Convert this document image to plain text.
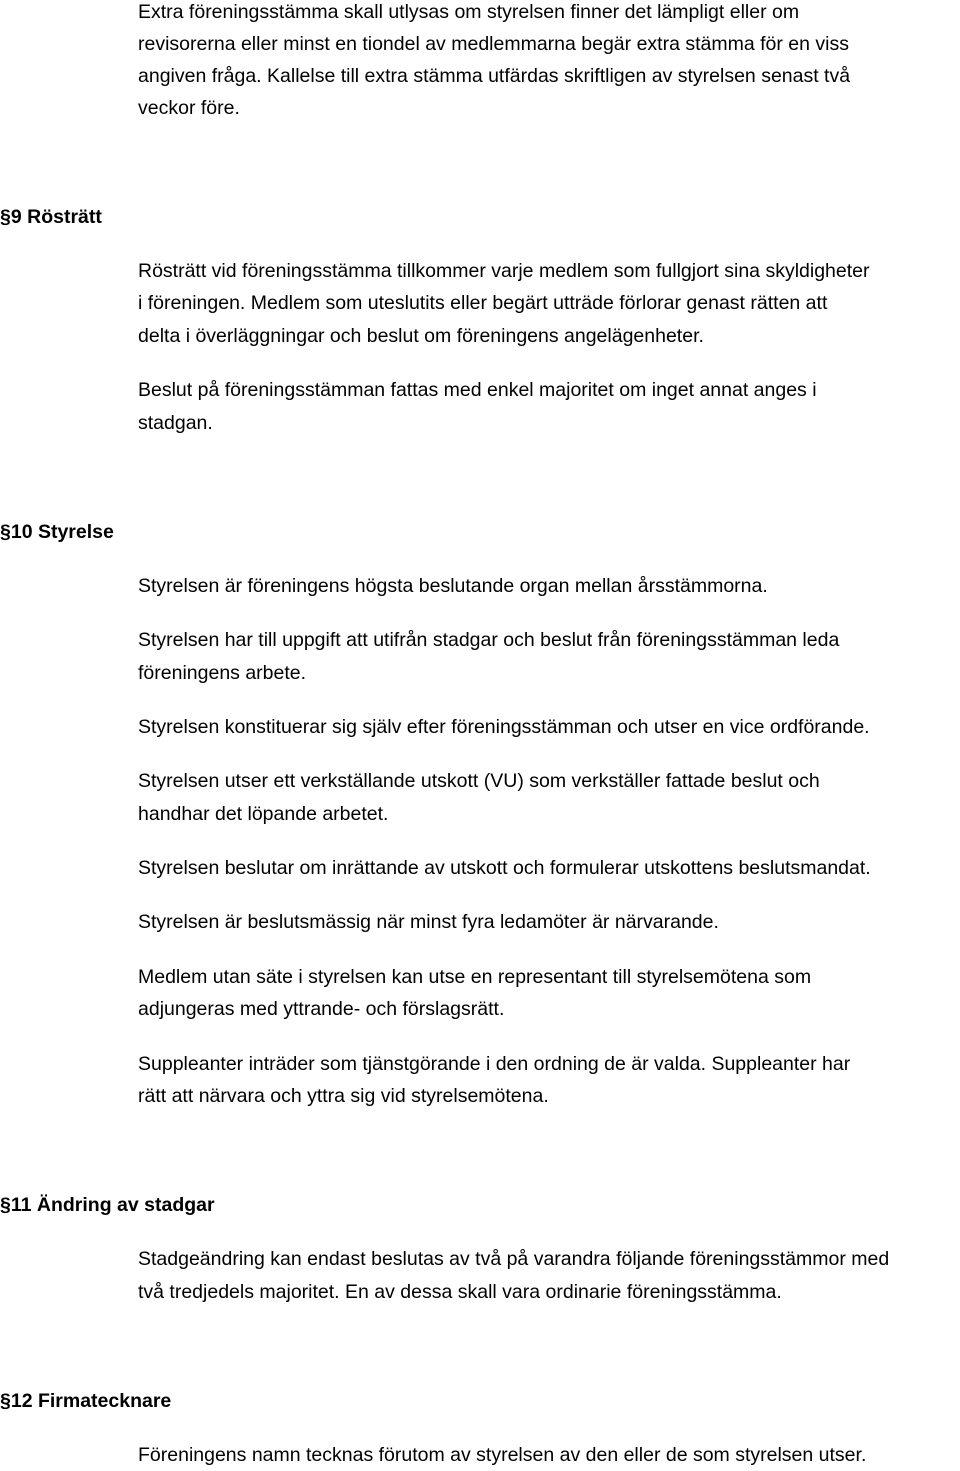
Extra föreningsstämma skall utlysas om styrelsen finner det lämpligt eller om

revisorerna eller minst en tiondel av medlemmarna begär extra stämma för en viss

angiven fråga. Kallelse till extra stämma utfärdas skriftligen av styrelsen senast två

veckor före.

§9 Rösträtt

Rösträtt vid föreningsstämma tillkommer varje medlem som fullgjort sina skyldigheter

i föreningen. Medlem som uteslutits eller begärt utträde förlorar genast rätten att

delta i överläggningar och beslut om föreningens angelägenheter.

Beslut på föreningsstämman fattas med enkel majoritet om inget annat anges i

stadgan.

§10 Styrelse

Styrelsen är föreningens högsta beslutande organ mellan årsstämmorna.

Styrelsen har till uppgift att utifrån stadgar och beslut från föreningsstämman leda

föreningens arbete.

Styrelsen konstituerar sig själv efter föreningsstämman och utser en vice ordförande.

Styrelsen utser ett verkställande utskott (VU) som verkställer fattade beslut och

handhar det löpande arbetet.

Styrelsen beslutar om inrättande av utskott och formulerar utskottens beslutsmandat.

Styrelsen är beslutsmässig när minst fyra ledamöter är närvarande.

Medlem utan säte i styrelsen kan utse en representant till styrelsemötena som

adjungeras med yttrande- och förslagsrätt.

Suppleanter inträder som tjänstgörande i den ordning de är valda. Suppleanter har

rätt att närvara och yttra sig vid styrelsemötena.

§11 Ändring av stadgar

Stadgeändring kan endast beslutas av två på varandra följande föreningsstämmor med

två tredjedels majoritet. En av dessa skall vara ordinarie föreningsstämma.

§12 Firmatecknare

Föreningens namn tecknas förutom av styrelsen av den eller de som styrelsen utser.
